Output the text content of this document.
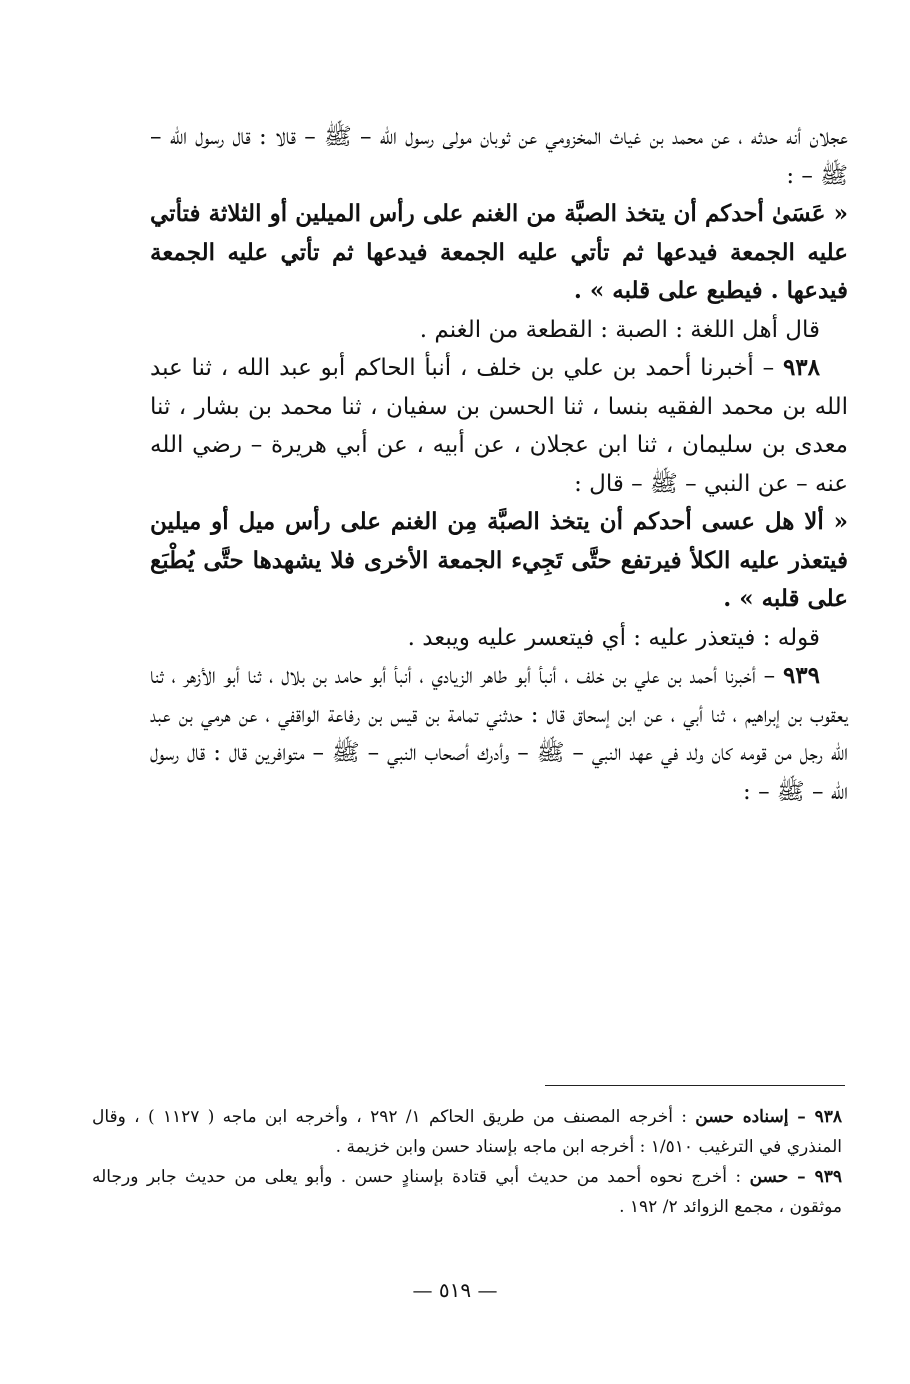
عجلان أنه حدثه ، عن محمد بن غياث المخزومي عن ثوبان مولى رسول الله – ﷺ – قالا : قال رسول الله – ﷺ – :

« عَسَىٰ أحدكم أن يتخذ الصبَّة من الغنم على رأس الميلين أو الثلاثة فتأتي عليه الجمعة فيدعها ثم تأتي عليه الجمعة فيدعها ثم تأتي عليه الجمعة فيدعها . فيطبع على قلبه » .

قال أهل اللغة : الصبة : القطعة من الغنم .

٩٣٨ – أخبرنا أحمد بن علي بن خلف ، أنبأ الحاكم أبو عبد الله ، ثنا عبد الله بن محمد الفقيه بنسا ، ثنا الحسن بن سفيان ، ثنا محمد بن بشار ، ثنا معدى بن سليمان ، ثنا ابن عجلان ، عن أبيه ، عن أبي هريرة – رضي الله عنه – عن النبي – ﷺ – قال :

« ألا هل عسى أحدكم أن يتخذ الصبَّة مِن الغنم على رأس ميل أو ميلين فيتعذر عليه الكلأ فيرتفع حتَّى تَجِيء الجمعة الأخرى فلا يشهدها حتَّى يُطْبَع على قلبه » .

قوله : فيتعذر عليه : أي فيتعسر عليه ويبعد .

٩٣٩ – أخبرنا أحمد بن علي بن خلف ، أنبأ أبو طاهر الزيادي ، أنبأ أبو حامد بن بلال ، ثنا أبو الأزهر ، ثنا يعقوب بن إبراهيم ، ثنا أبي ، عن ابن إسحاق قال : حدثني تمامة بن قيس بن رفاعة الواقفي ، عن هرمي بن عبد الله رجل من قومه كان ولد في عهد النبي – ﷺ – وأدرك أصحاب النبي – ﷺ – متوافرين قال : قال رسول الله – ﷺ – :

٩٣٨ – إسناده حسن : أخرجه المصنف من طريق الحاكم ١/ ٢٩٢ ، وأخرجه ابن ماجه ( ١١٢٧ ) ، وقال المنذري في الترغيب ١/٥١٠ : أخرجه ابن ماجه بإسناد حسن وابن خزيمة .

٩٣٩ – حسن : أخرج نحوه أحمد من حديث أبي قتادة بإسنادٍ حسن . وأبو يعلى من حديث جابر ورجاله موثقون ، مجمع الزوائد ٢/ ١٩٢ .

— ٥١٩ —
